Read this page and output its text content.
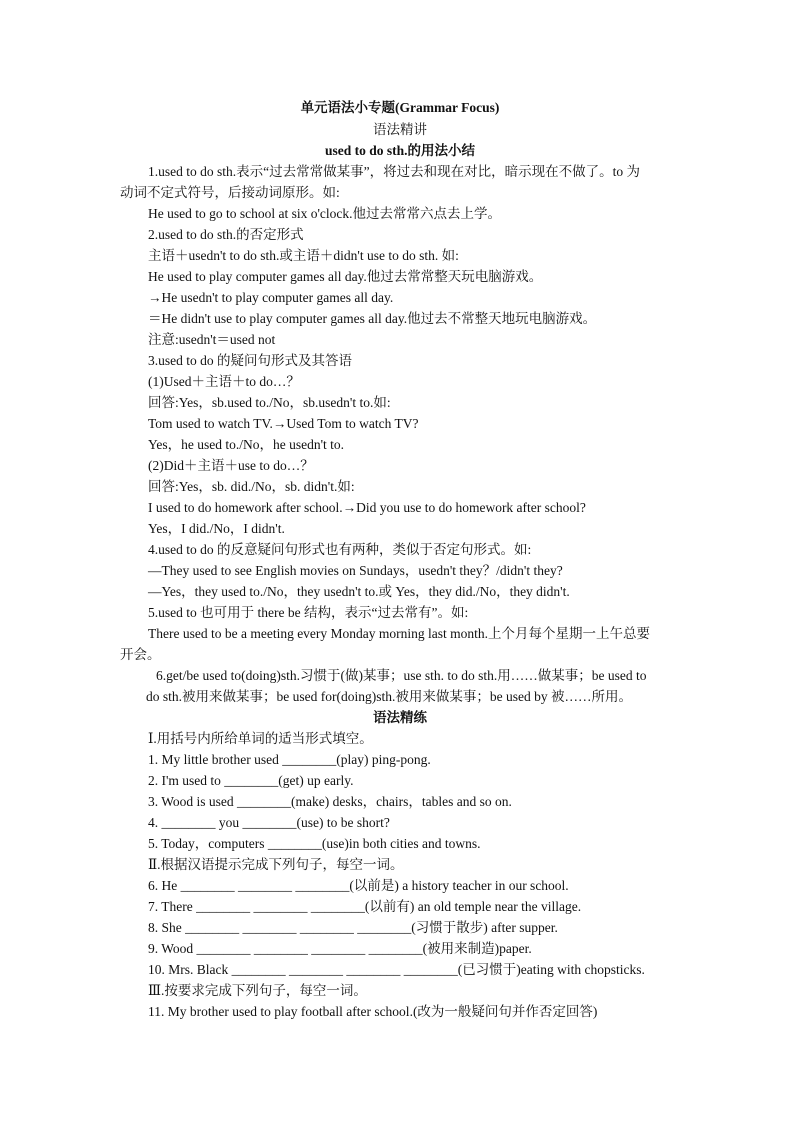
单元语法小专题(Grammar Focus)
语法精讲
used to do sth.的用法小结
1.used to do sth.表示“过去常常做某事”，将过去和现在对比，暗示现在不做了。to 为
动词不定式符号，后接动词原形。如:
He used to go to school at six o'clock.他过去常常六点去上学。
2.used to do sth.的否定形式
主语＋usedn't to do sth.或主语＋didn't use to do sth. 如:
He used to play computer games all day.他过去常常整天玩电脑游戏。
→He usedn't to play computer games all day.
＝He didn't use to play computer games all day.他过去不常整天地玩电脑游戏。
注意:usedn't＝used not
3.used to do 的疑问句形式及其答语
(1)Used＋主语＋to do…？
回答:Yes，sb.used to./No，sb.usedn't to.如:
Tom used to watch TV.→Used Tom to watch TV?
Yes，he used to./No，he usedn't to.
(2)Did＋主语＋use to do…？
回答:Yes，sb. did./No，sb. didn't.如:
I used to do homework after school.→Did you use to do homework after school?
Yes，I did./No，I didn't.
4.used to do 的反意疑问句形式也有两种，类似于否定句形式。如:
—They used to see English movies on Sundays，usedn't they？/didn't they?
—Yes，they used to./No，they usedn't to.或 Yes，they did./No，they didn't.
5.used to 也可用于 there be 结构，表示“过去常有”。如:
There used to be a meeting every Monday morning last month.上个月每个星期一上午总要
开会。
6.get/be used to(doing)sth.习惯于(做)某事；use sth. to do sth.用……做某事；be used to
do sth.被用来做某事；be used for(doing)sth.被用来做某事；be used by 被……所用。
语法精练
Ⅰ.用括号内所给单词的适当形式填空。
1. My little brother used ________(play) ping-pong.
2. I'm used to ________(get) up early.
3. Wood is used ________(make) desks，chairs，tables and so on.
4. ________ you ________(use) to be short?
5. Today，computers ________(use)in both cities and towns.
Ⅱ.根据汉语提示完成下列句子，每空一词。
6. He ________ ________ ________(以前是) a history teacher in our school.
7. There ________ ________ ________(以前有) an old temple near the village.
8. She ________ ________ ________ ________(习惯于散步) after supper.
9. Wood ________ ________ ________ ________(被用来制造)paper.
10. Mrs. Black ________ ________ ________ ________(已习惯于)eating with chopsticks.
Ⅲ.按要求完成下列句子，每空一词。
11. My brother used to play football after school.(改为一般疑问句并作否定回答)
